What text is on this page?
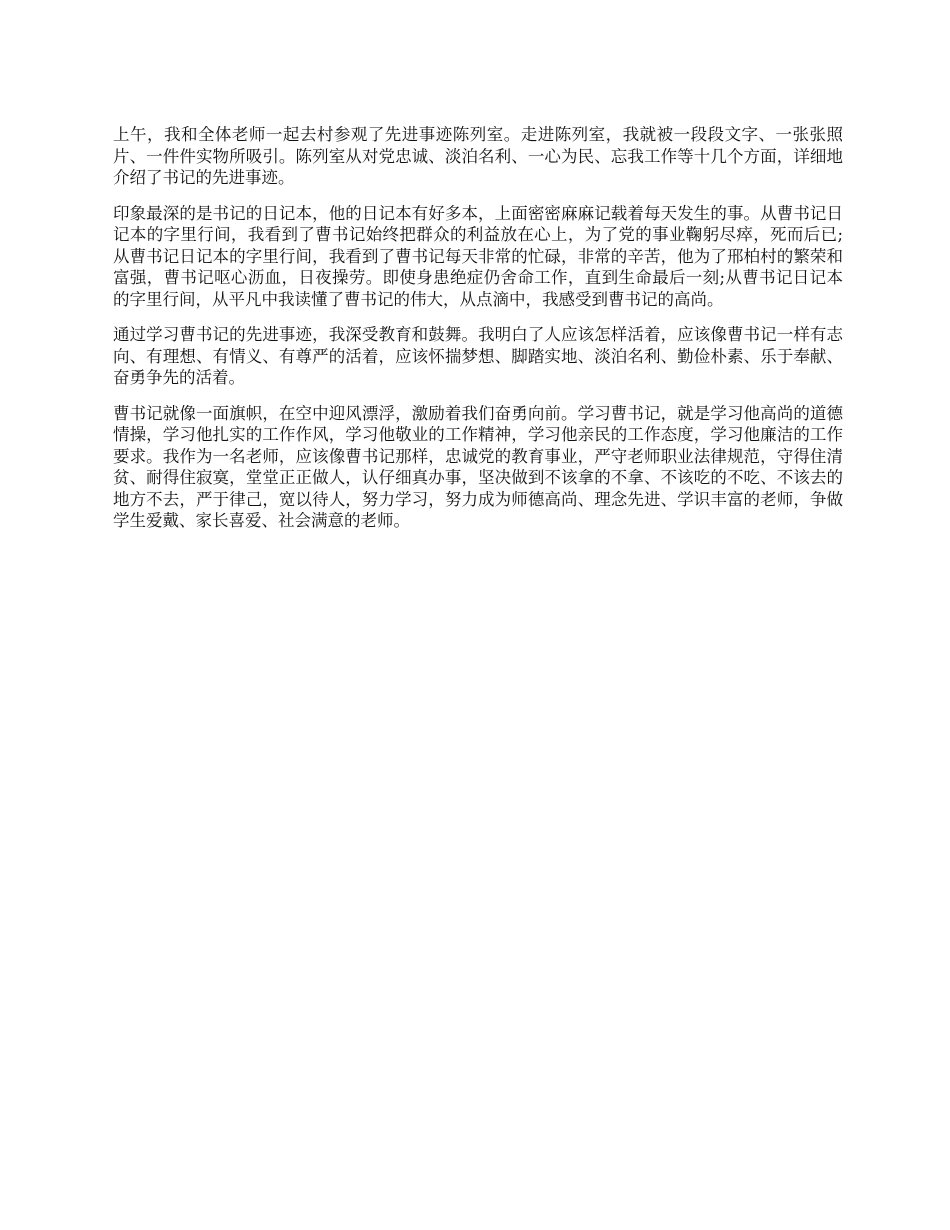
上午，我和全体老师一起去村参观了先进事迹陈列室。走进陈列室，我就被一段段文字、一张张照片、一件件实物所吸引。陈列室从对党忠诚、淡泊名利、一心为民、忘我工作等十几个方面，详细地介绍了书记的先进事迹。

印象最深的是书记的日记本，他的日记本有好多本，上面密密麻麻记载着每天发生的事。从曹书记日记本的字里行间，我看到了曹书记始终把群众的利益放在心上，为了党的事业鞠躬尽瘁，死而后已;从曹书记日记本的字里行间，我看到了曹书记每天非常的忙碌，非常的辛苦，他为了邢柏村的繁荣和富强，曹书记呕心沥血，日夜操劳。即使身患绝症仍舍命工作，直到生命最后一刻;从曹书记日记本的字里行间，从平凡中我读懂了曹书记的伟大，从点滴中，我感受到曹书记的高尚。

通过学习曹书记的先进事迹，我深受教育和鼓舞。我明白了人应该怎样活着，应该像曹书记一样有志向、有理想、有情义、有尊严的活着，应该怀揣梦想、脚踏实地、淡泊名利、勤俭朴素、乐于奉献、奋勇争先的活着。

曹书记就像一面旗帜，在空中迎风漂浮，激励着我们奋勇向前。学习曹书记，就是学习他高尚的道德情操，学习他扎实的工作作风，学习他敬业的工作精神，学习他亲民的工作态度，学习他廉洁的工作要求。我作为一名老师，应该像曹书记那样，忠诚党的教育事业，严守老师职业法律规范，守得住清贫、耐得住寂寞，堂堂正正做人，认仔细真办事，坚决做到不该拿的不拿、不该吃的不吃、不该去的地方不去，严于律己，宽以待人，努力学习，努力成为师德高尚、理念先进、学识丰富的老师，争做学生爱戴、家长喜爱、社会满意的老师。
